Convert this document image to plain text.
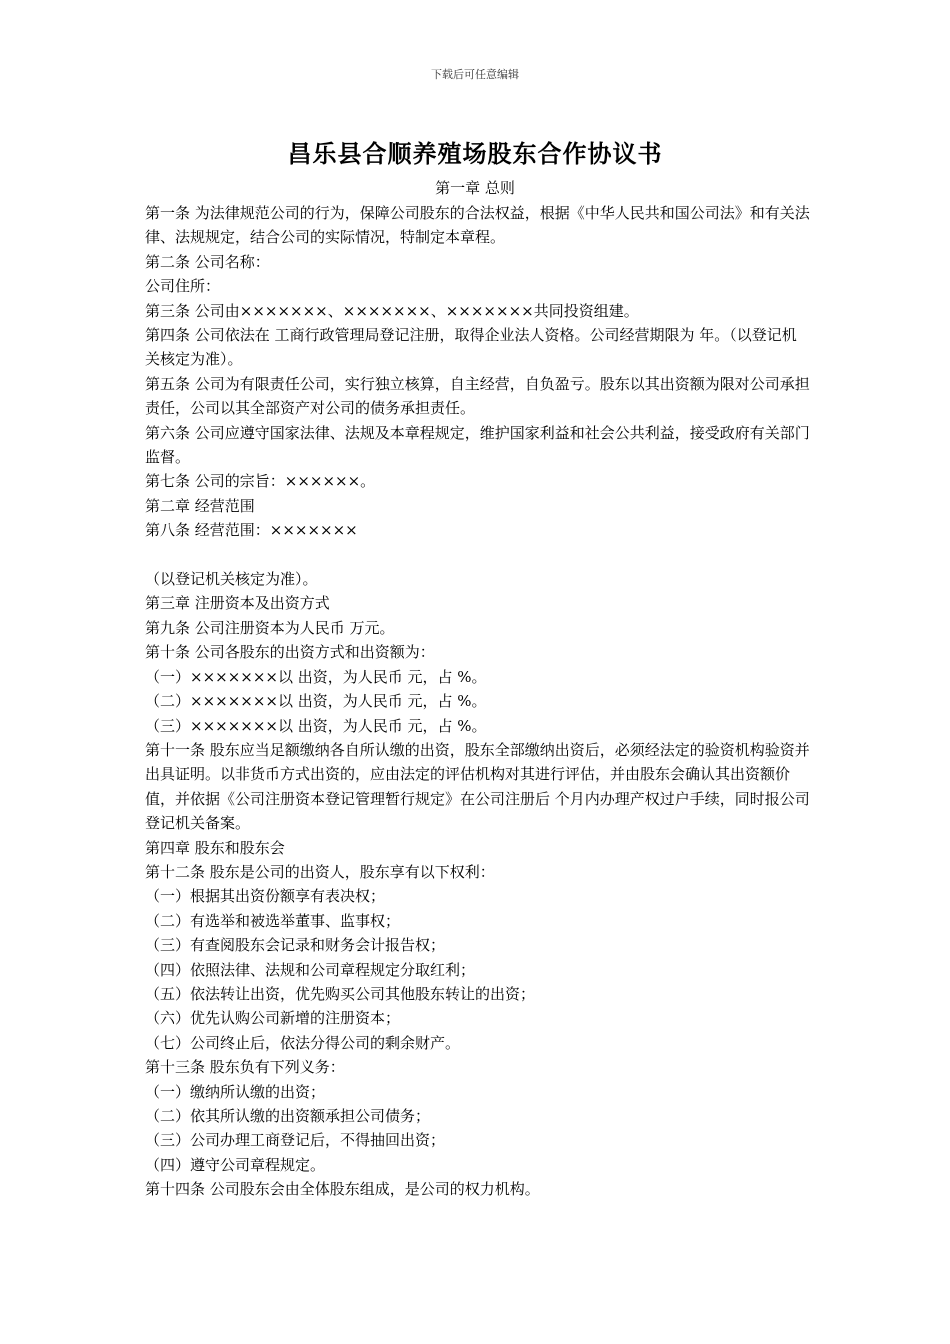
下载后可任意编辑
昌乐县合顺养殖场股东合作协议书
第一章 总则
第一条 为法律规范公司的行为，保障公司股东的合法权益，根据《中华人民共和国公司法》和有关法律、法规规定，结合公司的实际情况，特制定本章程。
第二条 公司名称：
公司住所：
第三条 公司由×××××××、×××××××、×××××××共同投资组建。
第四条 公司依法在 工商行政管理局登记注册，取得企业法人资格。公司经营期限为 年。（以登记机关核定为准）。
第五条 公司为有限责任公司，实行独立核算，自主经营，自负盈亏。股东以其出资额为限对公司承担责任，公司以其全部资产对公司的债务承担责任。
第六条 公司应遵守国家法律、法规及本章程规定，维护国家利益和社会公共利益，接受政府有关部门监督。
第七条 公司的宗旨：××××××。
第二章 经营范围
第八条 经营范围：×××××××
（以登记机关核定为准）。
第三章 注册资本及出资方式
第九条 公司注册资本为人民币 万元。
第十条 公司各股东的出资方式和出资额为：
（一）×××××××以 出资，为人民币 元，占 %。
（二）×××××××以 出资，为人民币 元，占 %。
（三）×××××××以 出资，为人民币 元，占 %。
第十一条 股东应当足额缴纳各自所认缴的出资，股东全部缴纳出资后，必须经法定的验资机构验资并出具证明。以非货币方式出资的，应由法定的评估机构对其进行评估，并由股东会确认其出资额价值，并依据《公司注册资本登记管理暂行规定》在公司注册后 个月内办理产权过户手续，同时报公司登记机关备案。
第四章 股东和股东会
第十二条 股东是公司的出资人，股东享有以下权利：
（一）根据其出资份额享有表决权；
（二）有选举和被选举董事、监事权；
（三）有查阅股东会记录和财务会计报告权；
（四）依照法律、法规和公司章程规定分取红利；
（五）依法转让出资，优先购买公司其他股东转让的出资；
（六）优先认购公司新增的注册资本；
（七）公司终止后，依法分得公司的剩余财产。
第十三条 股东负有下列义务：
（一）缴纳所认缴的出资；
（二）依其所认缴的出资额承担公司债务；
（三）公司办理工商登记后，不得抽回出资；
（四）遵守公司章程规定。
第十四条 公司股东会由全体股东组成，是公司的权力机构。
